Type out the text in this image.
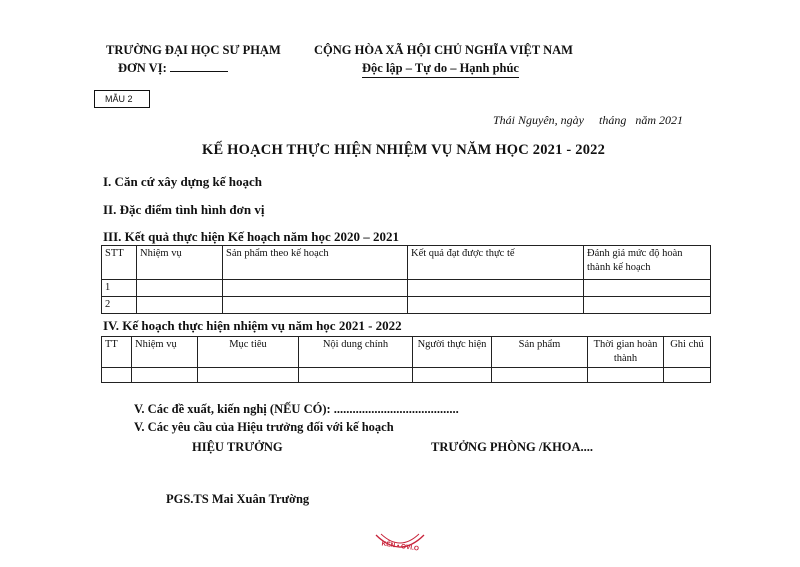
TRƯỜNG ĐẠI HỌC SƯ PHẠM
ĐƠN VỊ:
CỘNG HÒA XÃ HỘI CHỦ NGHĨA VIỆT NAM
Độc lập – Tự do – Hạnh phúc
MẪU 2
Thái Nguyên, ngày     tháng   năm 2021
KẾ HOẠCH THỰC HIỆN NHIỆM VỤ NĂM HỌC 2021 - 2022
I. Căn cứ xây dựng kế hoạch
II. Đặc điểm tình hình đơn vị
III. Kết quả thực hiện Kế hoạch năm học 2020 – 2021
STT	Nhiệm vụ	Sản phẩm theo kế hoạch	Kết quả đạt được thực tế	Đánh giá mức độ hoàn thành kế hoạch
1				
2				
IV. Kế hoạch thực hiện nhiệm vụ năm học 2021 - 2022
TT	Nhiệm vụ	Mục tiêu	Nội dung chính	Người thực hiện	Sản phẩm	Thời gian hoàn thành	Ghi chú

V. Các đề xuất, kiến nghị (NẾU CÓ): ........................................
V. Các yêu cầu của Hiệu trưởng đối với kế hoạch
HIỆU TRƯỞNG	TRƯỞNG PHÒNG /KHOA....
PGS.TS Mai Xuân Trường
KÊN • OVI.O
